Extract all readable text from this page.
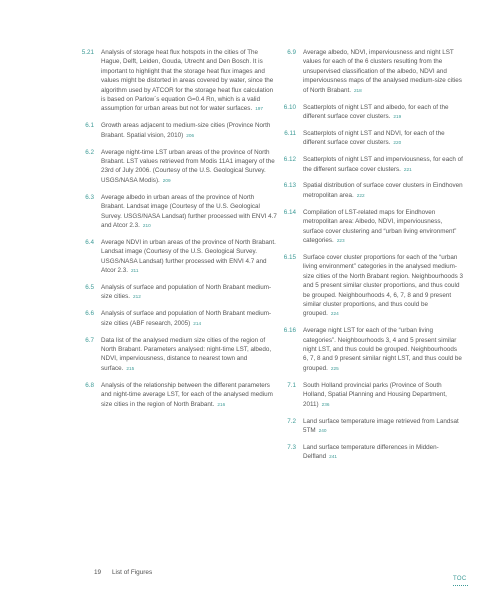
5.21	Analysis of storage heat flux hotspots in the cities of The Hague, Delft, Leiden, Gouda, Utrecht and Den Bosch. It is important to highlight that the storage heat flux images and values might be distorted in areas covered by water, since the algorithm used by ATCOR for the storage heat flux calculation is based on Parlow´s equation G=0.4 Rn, which is a valid assumption for urban areas but not for water surfaces. 197
6.1	Growth areas adjacent to medium-size cities (Province North Brabant. Spatial vision, 2010) 206
6.2	Average night-time LST urban areas of the province of North Brabant. LST values retrieved from Modis 11A1 imagery of the 23rd of July 2006. (Courtesy of the U.S. Geological Survey. USGS/NASA Modis). 209
6.3	Average albedo in urban areas of the province of North Brabant. Landsat image (Courtesy of the U.S. Geological Survey. USGS/NASA Landsat) further processed with ENVI 4.7 and Atcor 2.3. 210
6.4	Average NDVI in urban areas of the province of North Brabant. Landsat image (Courtesy of the U.S. Geological Survey. USGS/NASA Landsat) further processed with ENVI 4.7 and Atcor 2.3. 211
6.5	Analysis of surface and population of North Brabant medium-size cities. 212
6.6	Analysis of surface and population of North Brabant medium-size cities (ABF research, 2005) 214
6.7	Data list of the analysed medium size cities of the region of North Brabant. Parameters analysed: night-time LST, albedo, NDVI, imperviousness, distance to nearest town and surface. 215
6.8	Analysis of the relationship between the different parameters and night-time average LST, for each of the analysed medium size cities in the region of North Brabant. 216
6.9	Average albedo, NDVI, imperviousness and night LST values for each of the 6 clusters resulting from the unsupervised classification of the albedo, NDVI and imperviousness maps of the analysed medium-size cities of North Brabant. 218
6.10	Scatterplots of night LST and albedo, for each of the different surface cover clusters. 219
6.11	Scatterplots of night LST and NDVI, for each of the different surface cover clusters. 220
6.12	Scatterplots of night LST and imperviousness, for each of the different surface cover clusters. 221
6.13	Spatial distribution of surface cover clusters in Eindhoven metropolitan area. 222
6.14	Compilation of LST-related maps for Eindhoven metropolitan area: Albedo, NDVI, imperviousness, surface cover clustering and “urban living environment” categories. 223
6.15	Surface cover cluster proportions for each of the “urban living environment” categories in the analysed medium-size cities of the North Brabant region. Neighbourhoods 3 and 5 present similar cluster proportions, and thus could be grouped. Neighbourhoods 4, 6, 7, 8 and 9 present similar cluster proportions, and thus could be grouped. 224
6.16	Average night LST for each of the “urban living categories”. Neighbourhoods 3, 4 and 5 present similar night LST, and thus could be grouped. Neighbourhoods 6, 7, 8 and 9 present similar night LST, and thus could be grouped. 225
7.1	South Holland provincial parks (Province of South Holland, Spatial Planning and Housing Department, 2011) 236
7.2	Land surface temperature image retrieved from Landsat 5TM 240
7.3	Land surface temperature differences in Midden-Delfland 241
19 List of Figures
TOC
